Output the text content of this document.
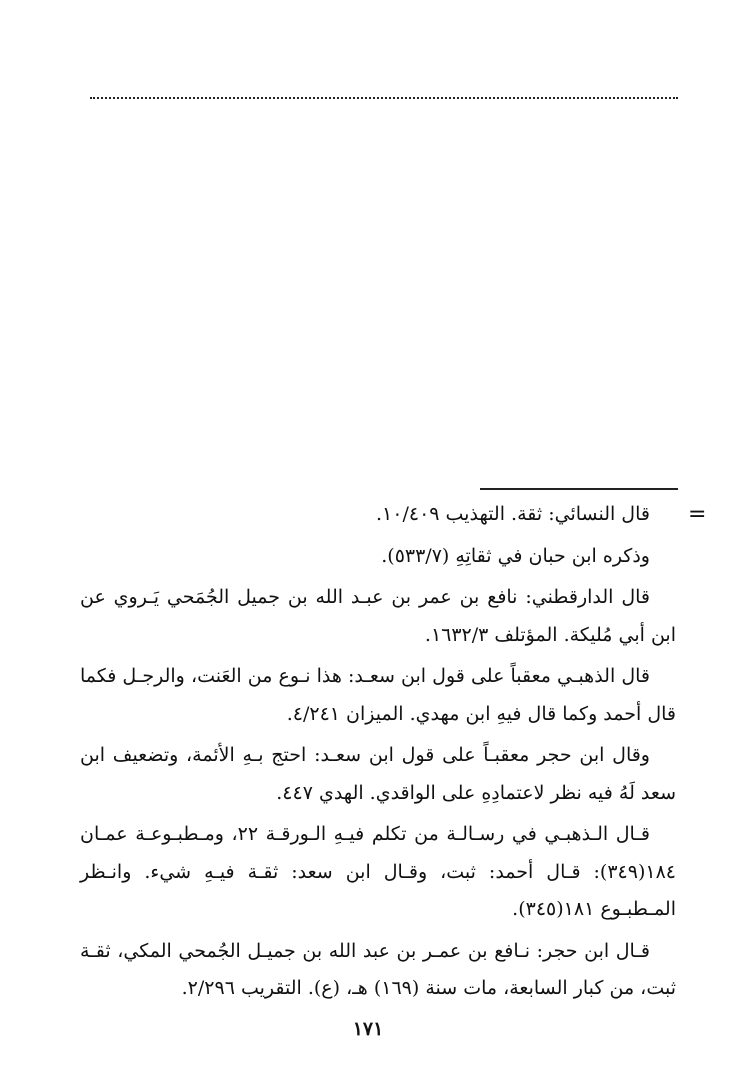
=

قال النسائي: ثقة. التهذيب ١٠/٤٠٩.

وذكره ابن حبان في ثقاتِهِ (٥٣٣/٧).

قال الدارقطني: نافع بن عمر بن عبـد الله بن جميل الجُمَحي يَـروي عن ابن أبي مُليكة. المؤتلف ١٦٣٢/٣.

قال الذهبـي معقباً على قول ابن سعـد: هذا نـوع من العَنت، والرجـل فكما قال أحمد وكما قال فيهِ ابن مهدي. الميزان ٤/٢٤١.

وقال ابن حجر معقبـاً على قول ابن سعـد: احتج بـهِ الأئمة، وتضعيف ابن سعد لَهُ فيه نظر لاعتمادِهِ على الواقدي. الهدي ٤٤٧.

قـال الـذهبـي في رسـالـة من تكلم فيـهِ الـورقـة ٢٢، ومـطبـوعـة عمـان ١٨٤(٣٤٩): قـال أحمد: ثبت، وقـال ابن سعد: ثقـة فيـهِ شيء. وانـظر المـطبـوع ١٨١(٣٤٥).

قـال ابن حجر: نـافع بن عمـر بن عبد الله بن جميـل الجُمحي المكي، ثقـة ثبت، من كبار السابعة، مات سنة (١٦٩) هـ، (ع). التقريب ٢/٢٩٦.

١٧١
